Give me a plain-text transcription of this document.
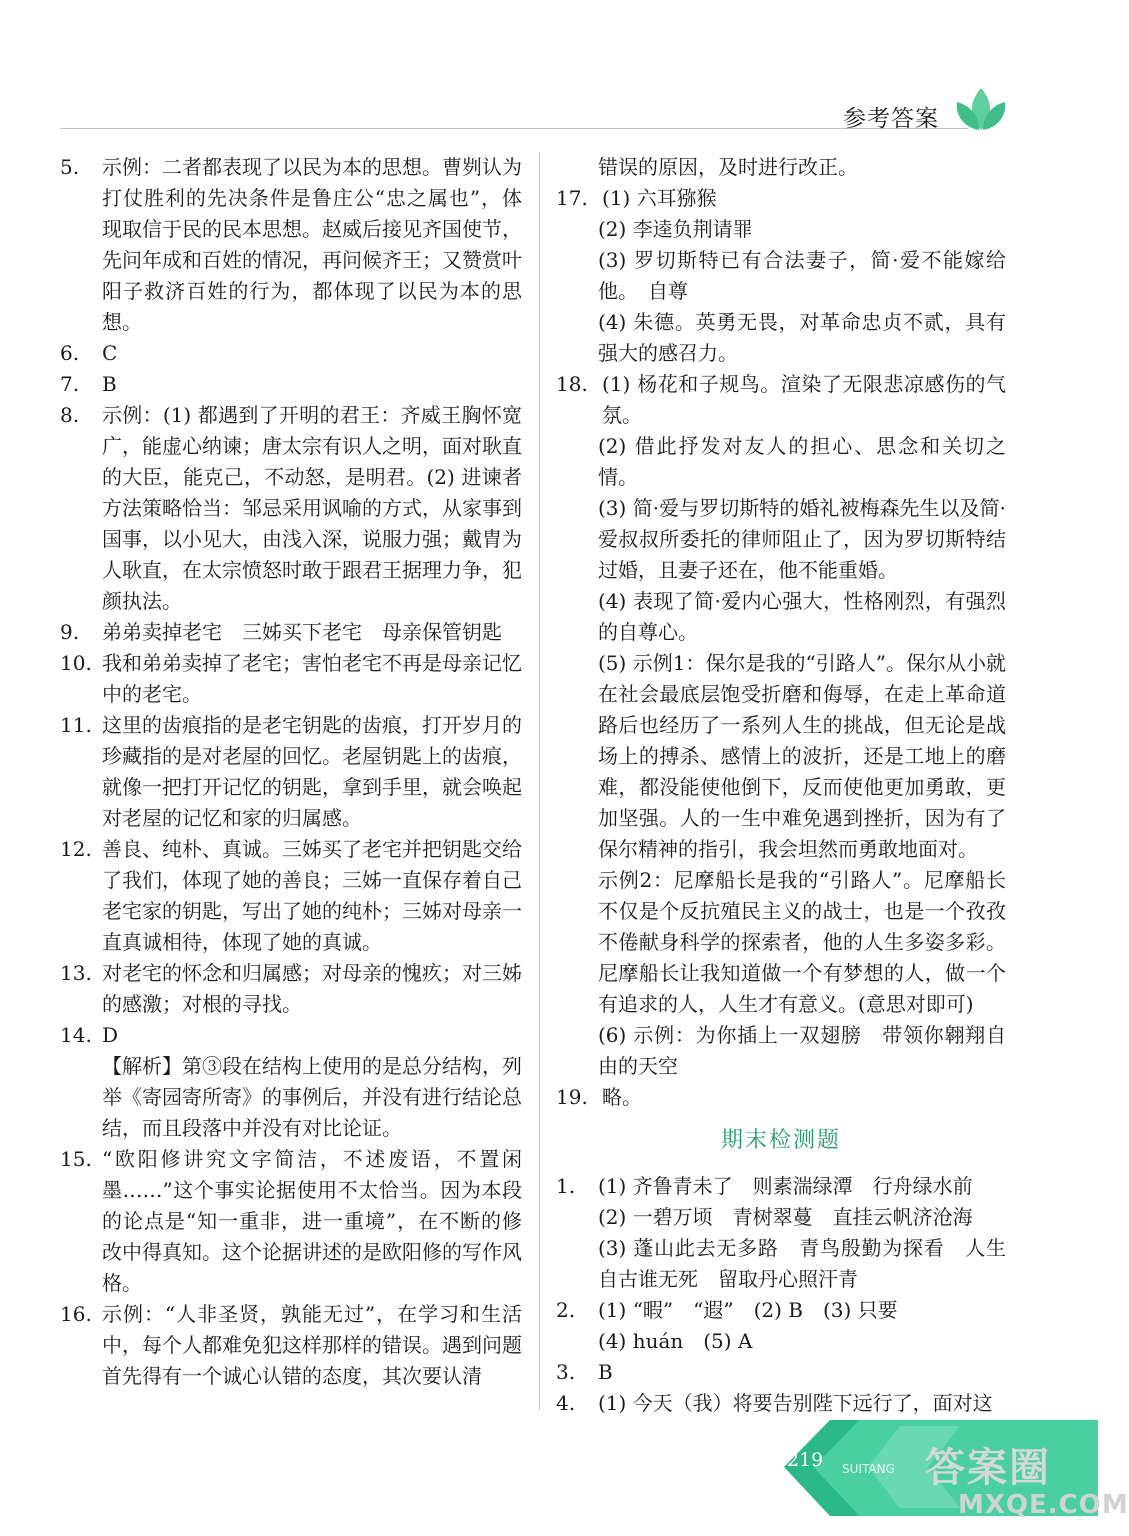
参考答案
5.	示例：二者都表现了以民为本的思想。曹刿认为打仗胜利的先决条件是鲁庄公“忠之属也”，体现取信于民的民本思想。赵威后接见齐国使节，先问年成和百姓的情况，再问候齐王；又赞赏叶阳子救济百姓的行为，都体现了以民为本的思想。
6.	C
7.	B
8.	示例：(1) 都遇到了开明的君王：齐威王胸怀宽广，能虚心纳谏；唐太宗有识人之明，面对耿直的大臣，能克己，不动怒，是明君。(2) 进谏者方法策略恰当：邹忌采用讽喻的方式，从家事到国事，以小见大，由浅入深，说服力强；戴胄为人耿直，在太宗愤怒时敢于跟君王据理力争，犯颜执法。
9.	弟弟卖掉老宅　三姊买下老宅　母亲保管钥匙
10. 我和弟弟卖掉了老宅；害怕老宅不再是母亲记忆中的老宅。
11. 这里的齿痕指的是老宅钥匙的齿痕，打开岁月的珍藏指的是对老屋的回忆。老屋钥匙上的齿痕，就像一把打开记忆的钥匙，拿到手里，就会唤起对老屋的记忆和家的归属感。
12. 善良、纯朴、真诚。三姊买了老宅并把钥匙交给了我们，体现了她的善良；三姊一直保存着自己老宅家的钥匙，写出了她的纯朴；三姊对母亲一直真诚相待，体现了她的真诚。
13. 对老宅的怀念和归属感；对母亲的愧疚；对三姊的感激；对根的寻找。
14. D
【解析】第③段在结构上使用的是总分结构，列举《寄园寄所寄》的事例后，并没有进行结论总结，而且段落中并没有对比论证。
15. “欧阳修讲究文字简洁，不述废语，不置闲墨……”这个事实论据使用不太恰当。因为本段的论点是“知一重非，进一重境”，在不断的修改中得真知。这个论据讲述的是欧阳修的写作风格。
16. 示例：“人非圣贤，孰能无过”，在学习和生活中，每个人都难免犯这样那样的错误。遇到问题首先得有一个诚心认错的态度，其次要认清
错误的原因，及时进行改正。
17. (1) 六耳猕猴
(2) 李逵负荆请罪
(3) 罗切斯特已有合法妻子，简·爱不能嫁给他。　自尊
(4) 朱德。英勇无畏，对革命忠贞不贰，具有强大的感召力。
18. (1) 杨花和子规鸟。渲染了无限悲凉感伤的气氛。
(2) 借此抒发对友人的担心、思念和关切之情。
(3) 简·爱与罗切斯特的婚礼被梅森先生以及简·爱叔叔所委托的律师阻止了，因为罗切斯特结过婚，且妻子还在，他不能重婚。
(4) 表现了简·爱内心强大，性格刚烈，有强烈的自尊心。
(5) 示例1：保尔是我的“引路人”。保尔从小就在社会最底层饱受折磨和侮辱，在走上革命道路后也经历了一系列人生的挑战，但无论是战场上的搏杀、感情上的波折，还是工地上的磨难，都没能使他倒下，反而使他更加勇敢，更加坚强。人的一生中难免遇到挫折，因为有了保尔精神的指引，我会坦然而勇敢地面对。
示例2：尼摩船长是我的“引路人”。尼摩船长不仅是个反抗殖民主义的战士，也是一个孜孜不倦献身科学的探索者，他的人生多姿多彩。尼摩船长让我知道做一个有梦想的人，做一个有追求的人，人生才有意义。(意思对即可)
(6) 示例：为你插上一双翅膀　带领你翱翔自由的天空
19. 略。
期末检测题
1.	(1) 齐鲁青未了　则素湍绿潭　行舟绿水前
(2) 一碧万顷　青树翠蔓　直挂云帆济沧海
(3) 蓬山此去无多路　青鸟殷勤为探看　人生自古谁无死　留取丹心照汗青
2.	(1) “暇”　“遐”　(2) B　(3) 只要
(4) huán　(5) A
3.	B
4.	(1) 今天（我）将要告别陛下远行了，面对这
219 SUITANG 答案圈
MXQE.COM
